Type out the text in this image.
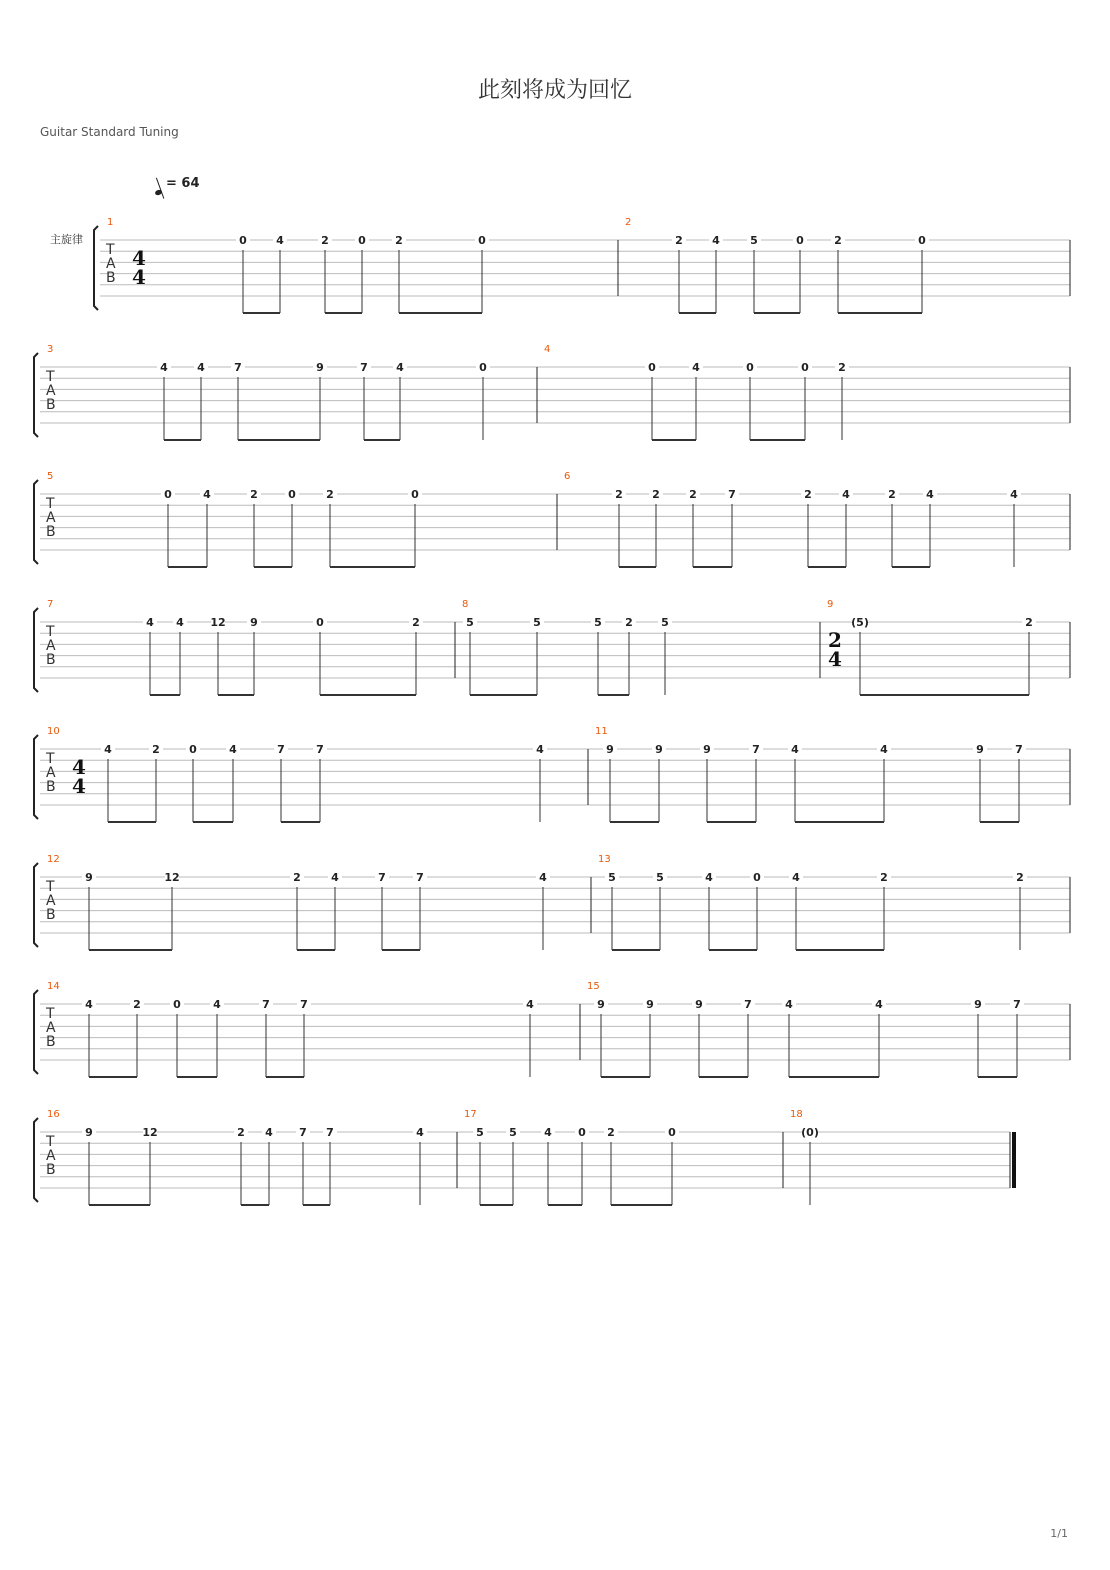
此刻将成为回忆
Guitar Standard Tuning
= 64
主旋律
1/1
T
A
B
1
4
4
0	4	2	0	2	0
2
2	4	5	0	2	0
T
A
B
3
4	4	7	9	7	4	0
4
0	4	0	0	2
T
A
B
5
0	4	2	0	2	0
6
2	2	2	7	2	4	2	4	4
T
A
B
7
4 4 12 9	0	2
8
5	5	5 2	5
9
2
4
(5)	2
T
A
B
10
4
4
4	2	0	4	7	7	4
11
9	9	9	7	4	4	9	7
T
A
B
12
9	12	2	4	7	7	4
13
5	5	4	0	4	2	2
T
A
B
14
4	2	0	4	7	7	4
15
9	9	9	7	4	4	9	7
T
A
B
16
9	12	2 4 7 7	4
17
5 5 4 0 2	0
18
(0)
